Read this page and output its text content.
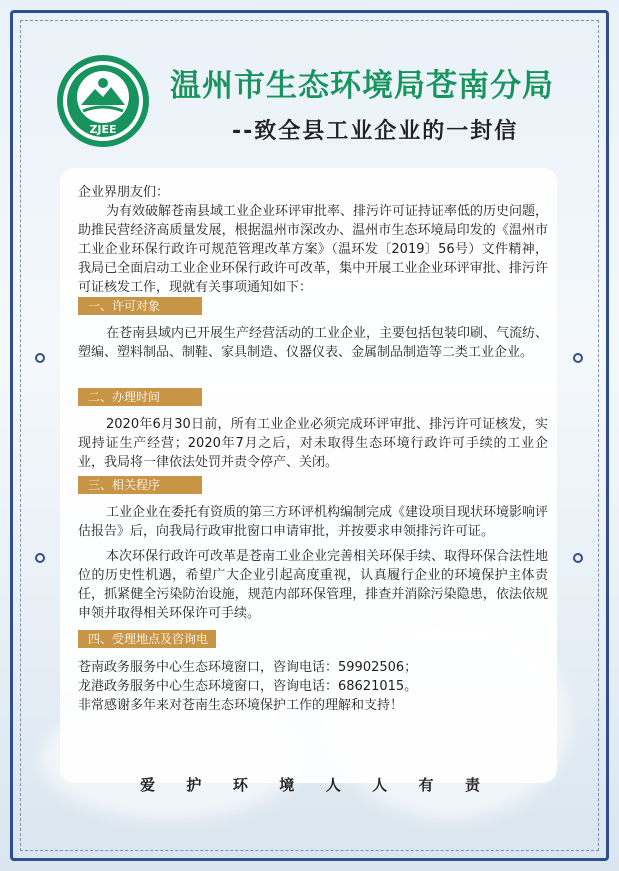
ZJEE
温州市生态环境局苍南分局
--致全县工业企业的一封信
企业界朋友们：
为有效破解苍南县域工业企业环评审批率、排污许可证持证率低的历史问题，助推民营经济高质量发展，根据温州市深改办、温州市生态环境局印发的《温州市工业企业环保行政许可规范管理改革方案》（温环发〔2019〕56号）文件精神，我局已全面启动工业企业环保行政许可改革，集中开展工业企业环评审批、排污许可证核发工作，现就有关事项通知如下：
一、许可对象
在苍南县域内已开展生产经营活动的工业企业，主要包括包装印刷、气流纺、塑编、塑料制品、制鞋、家具制造、仪器仪表、金属制品制造等二类工业企业。
二、办理时间
2020年6月30日前，所有工业企业必须完成环评审批、排污许可证核发，实现持证生产经营；2020年7月之后，对未取得生态环境行政许可手续的工业企业，我局将一律依法处罚并责令停产、关闭。
三、相关程序
工业企业在委托有资质的第三方环评机构编制完成《建设项目现状环境影响评估报告》后，向我局行政审批窗口申请审批，并按要求申领排污许可证。
本次环保行政许可改革是苍南工业企业完善相关环保手续、取得环保合法性地位的历史性机遇，希望广大企业引起高度重视，认真履行企业的环境保护主体责任，抓紧健全污染防治设施，规范内部环保管理，排查并消除污染隐患，依法依规申领并取得相关环保许可手续。
四、受理地点及咨询电话
苍南政务服务中心生态环境窗口，咨询电话：59902506；
龙港政务服务中心生态环境窗口，咨询电话：68621015。
非常感谢多年来对苍南生态环境保护工作的理解和支持！
爱 护 环 境 人 人 有 责
